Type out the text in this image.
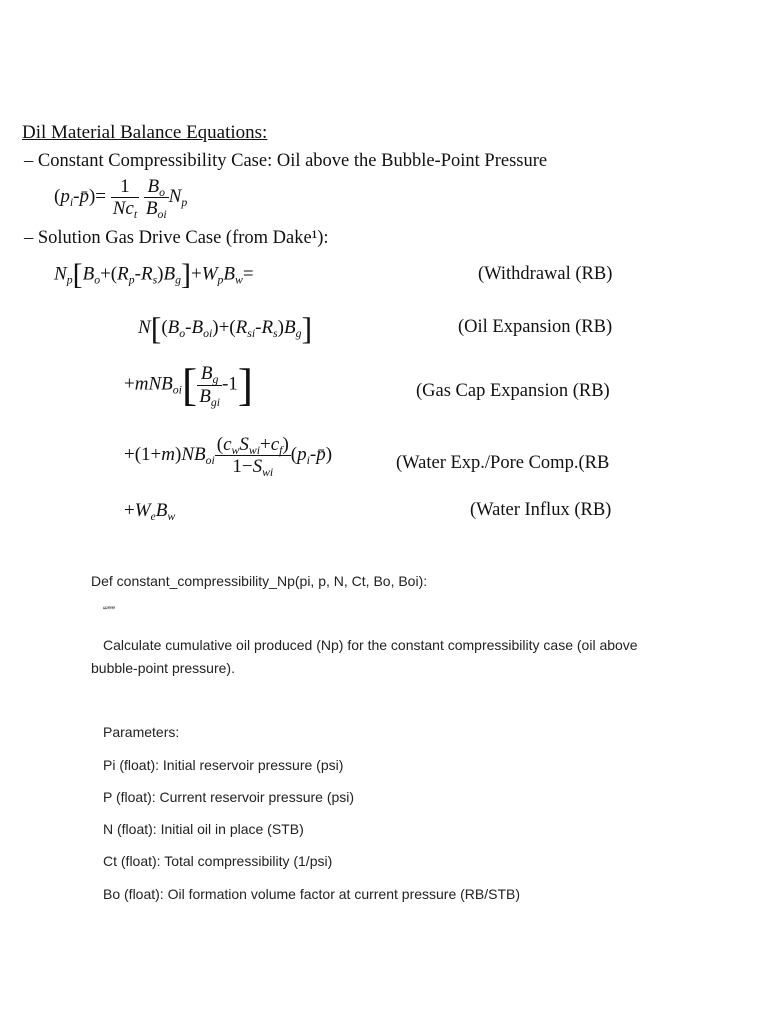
Dil Material Balance Equations:
– Constant Compressibility Case: Oil above the Bubble-Point Pressure
$(p_i-p̄)= \frac{1}{Nc_t}$
$\frac{B_o}{B_{oi}} N_p$
– Solution Gas Drive Case (from Dake¹):
$N_p[B_o+(R_p-R_s)B_g]+W_pB_w=$	(Withdrawal (RB)
$N[(B_o-B_{oi})+(R_{si}-R_s)B_g]$	(Oil Expansion (RB)
$+mNB_{oi}[ \frac{B_g}{B_{gi}} -1]$	(Gas Cap Expansion (RB)
$+(1+m)NB_{oi} \frac{(c_wS_{wi}+c_f)}{1-S_{wi}}$ $(p_i-p̄)$	(Water Exp./Pore Comp.(RB
$+W_eB_w$	(Water Influx (RB)
Def constant_compressibility_Np(pi, p, N, Ct, Bo, Boi):
“””
Calculate cumulative oil produced (Np) for the constant compressibility case (oil above
bubble-point pressure).
Parameters:
Pi (float): Initial reservoir pressure (psi)
P (float): Current reservoir pressure (psi)
N (float): Initial oil in place (STB)
Ct (float): Total compressibility (1/psi)
Bo (float): Oil formation volume factor at current pressure (RB/STB)
